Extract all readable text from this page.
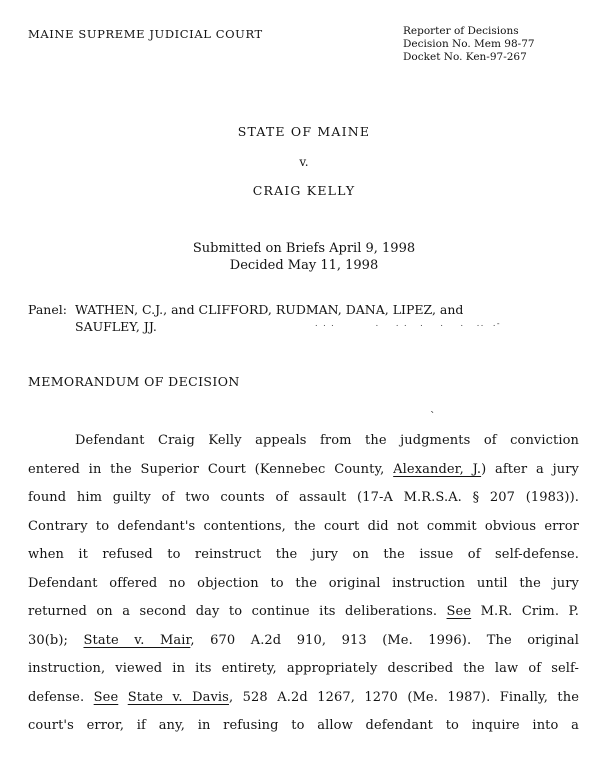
MAINE SUPREME JUDICIAL COURT	Reporter of Decisions
Decision No. Mem 98-77
Docket No. Ken-97-267
STATE OF MAINE
v.
CRAIG KELLY
Submitted on Briefs April 9, 1998
Decided May 11, 1998
Panel: WATHEN, C.J., and CLIFFORD, RUDMAN, DANA, LIPEZ, and
SAUFLEY, JJ.	. . .          .    . .   .    .    .   ..  .-
MEMORANDUM OF DECISION
`
Defendant Craig Kelly appeals from the judgments of conviction
entered in the Superior Court (Kennebec County, Alexander, J.) after a jury
found him guilty of two counts of assault (17-A M.R.S.A. § 207 (1983)).
Contrary to defendant's contentions, the court did not commit obvious error
when it refused to reinstruct the jury on the issue of self-defense.
Defendant offered no objection to the original instruction until the jury
returned on a second day to continue its deliberations. See M.R. Crim. P.
30(b); State v. Mair, 670 A.2d 910, 913 (Me. 1996). The original
instruction, viewed in its entirety, appropriately described the law of self-
defense. See State v. Davis, 528 A.2d 1267, 1270 (Me. 1987). Finally, the
court's error, if any, in refusing to allow defendant to inquire into a
